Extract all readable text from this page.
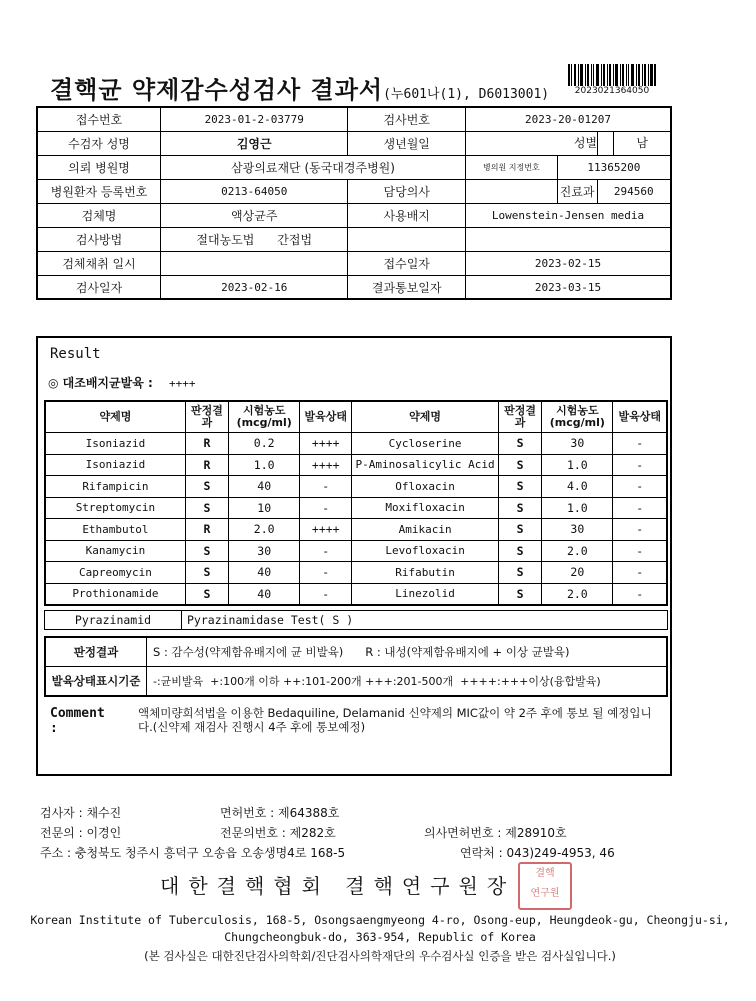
결핵균 약제감수성검사 결과서(누601나(1), D6013001)	2023021364050
접수번호	2023-01-2-03779	검사번호	2023-20-01207		
수검자 성명	김영근	생년월일			성별 남

의뢰 병원명	삼광의료재단 (동국대경주병원)		병의원 지정번호	11365200	
병원환자 등록번호	0213-64050	담당의사		진료과	294560
검체명	액상균주	사용배지	Lowenstein-Jensen media		
검사방법	절대농도법 간접법				
검체채취 일시		접수일자	2023-02-15		
검사일자	2023-02-16	결과통보일자	2023-03-15		
Result
◎ 대조배지균발육 : ++++
약제명	판정결과	시험농도(mcg/ml)	발육상태	약제명	판정결과	시험농도(mcg/ml)	발육상태
Isoniazid	R	0.2	++++	Cycloserine	S	30	-
Isoniazid	R	1.0	++++	P-Aminosalicylic Acid	S	1.0	-
Rifampicin	S	40	-	Ofloxacin	S	4.0	-
Streptomycin	S	10	-	Moxifloxacin	S	1.0	-
Ethambutol	R	2.0	++++	Amikacin	S	30	-
Kanamycin	S	30	-	Levofloxacin	S	2.0	-
Capreomycin	S	40	-	Rifabutin	S	20	-
Prothionamide	S	40	-	Linezolid	S	2.0	-
Pyrazinamid	Pyrazinamidase Test( S )
판정결과	S : 감수성(약제함유배지에 균 비발육)      R : 내성(약제함유배지에 + 이상 균발육)
발육상태표시기준	-:균비발육  +:100개 이하 ++:101-200개 +++:201-500개  ++++:+++이상(융합발육)
Comment :
액체미량희석법을 이용한 Bedaquiline, Delamanid 신약제의 MIC값이 약 2주 후에 통보 될 예정입니다.(신약제 재검사 진행시 4주 후에 통보예정)
검사자 : 채수진	면허번호 : 제64388호
전문의 : 이경인	전문의번호 : 제282호	의사면허번호 : 제28910호
주소 : 충청북도 청주시 흥덕구 오송읍 오송생명4로 168-5	연락처 : 043)249-4953, 46
대한결핵협회 결핵연구원장
결핵
연구원
Korean Institute of Tuberculosis, 168-5, Osongsaengmyeong 4-ro, Osong-eup, Heungdeok-gu, Cheongju-si, Chungcheongbuk-do, 363-954, Republic of Korea
(본 검사실은 대한진단검사의학회/진단검사의학재단의 우수검사실 인증을 받은 검사실입니다.)
